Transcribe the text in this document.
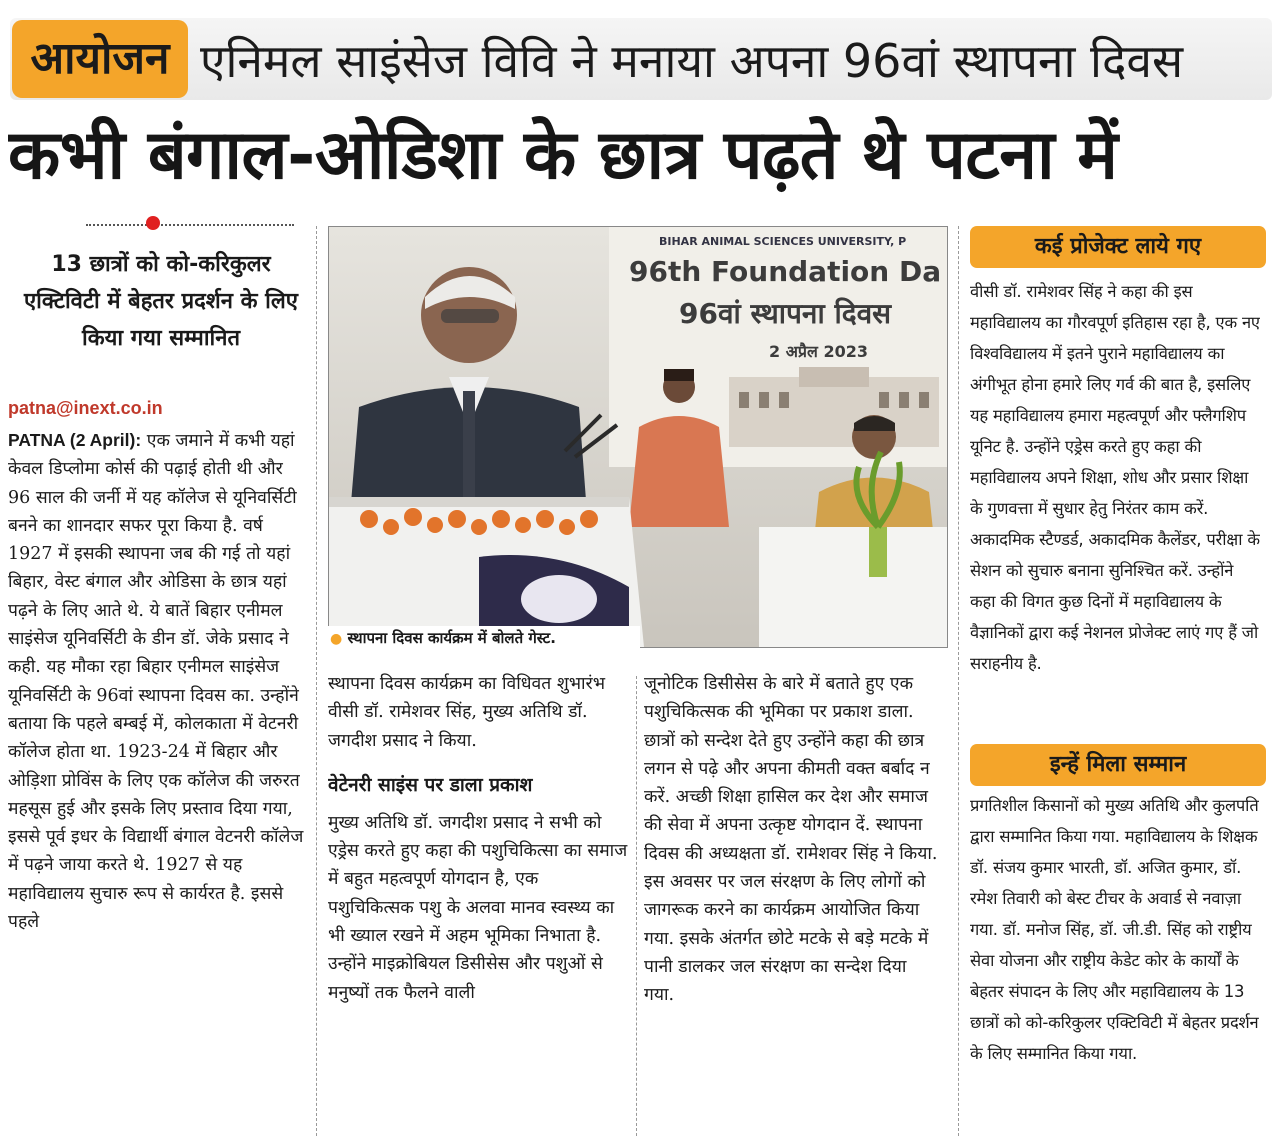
आयोजन एनिमल साइंसेज विवि ने मनाया अपना 96वां स्थापना दिवस
कभी बंगाल-ओडिशा के छात्र पढ़ते थे पटना में
13 छात्रों को को-करिकुलर एक्टिविटी में बेहतर प्रदर्शन के लिए किया गया सम्मानित
patna@inext.co.in

PATNA (2 April): एक जमाने में कभी यहां केवल डिप्लोमा कोर्स की पढ़ाई होती थी और 96 साल की जर्नी में यह कॉलेज से यूनिवर्सिटी बनने का शानदार सफर पूरा किया है. वर्ष 1927 में इसकी स्थापना जब की गई तो यहां बिहार, वेस्ट बंगाल और ओडिसा के छात्र यहां पढ़ने के लिए आते थे. ये बातें बिहार एनीमल साइंसेज यूनिवर्सिटी के डीन डॉ. जेके प्रसाद ने कही. यह मौका रहा बिहार एनीमल साइंसेज यूनिवर्सिटी के 96वां स्थापना दिवस का. उन्होंने बताया कि पहले बम्बई में, कोलकाता में वेटनरी कॉलेज होता था. 1923-24 में बिहार और ओड़िशा प्रोविंस के लिए एक कॉलेज की जरुरत महसूस हुई और इसके लिए प्रस्ताव दिया गया, इससे पूर्व इधर के विद्यार्थी बंगाल वेटनरी कॉलेज में पढ़ने जाया करते थे. 1927 से यह महाविद्यालय सुचारु रूप से कार्यरत है. इससे पहले

BIHAR ANIMAL SCIENCES UNIVERSITY, P
96th Foundation Da
96वां स्थापना दिवस
2 अप्रैल 2023
● स्थापना दिवस कार्यक्रम में बोलते गेस्ट.

स्थापना दिवस कार्यक्रम का विधिवत शुभारंभ वीसी डॉ. रामेशवर सिंह, मुख्य अतिथि डॉ. जगदीश प्रसाद ने किया.

वेटेनरी साइंस पर डाला प्रकाश

मुख्य अतिथि डॉ. जगदीश प्रसाद ने सभी को एड्रेस करते हुए कहा की पशुचिकित्सा का समाज में बहुत महत्वपूर्ण योगदान है, एक पशुचिकित्सक पशु के अलवा मानव स्वस्थ्य का भी ख्याल रखने में अहम भूमिका निभाता है.

उन्होंने माइक्रोबियल डिसीसेस और पशुओं से मनुष्यों तक फैलने वाली

जूनोटिक डिसीसेस के बारे में बताते हुए एक पशुचिकित्सक की भूमिका पर प्रकाश डाला. छात्रों को सन्देश देते हुए उन्होंने कहा की छात्र लगन से पढ़े और अपना कीमती वक्त बर्बाद न करें. अच्छी शिक्षा हासिल कर देश और समाज की सेवा में अपना उत्कृष्ट योगदान दें. स्थापना दिवस की अध्यक्षता डॉ. रामेशवर सिंह ने किया. इस अवसर पर जल संरक्षण के लिए लोगों को जागरूक करने का कार्यक्रम आयोजित किया गया. इसके अंतर्गत छोटे मटके से बड़े मटके में पानी डालकर जल संरक्षण का सन्देश दिया गया.

कई प्रोजेक्ट लाये गए

वीसी डॉ. रामेशवर सिंह ने कहा की इस महाविद्यालय का गौरवपूर्ण इतिहास रहा है, एक नए विश्वविद्यालय में इतने पुराने महाविद्यालय का अंगीभूत होना हमारे लिए गर्व की बात है, इसलिए यह महाविद्यालय हमारा महत्वपूर्ण और फ्लैगशिप यूनिट है. उन्होंने एड्रेस करते हुए कहा की महाविद्यालय अपने शिक्षा, शोध और प्रसार शिक्षा के गुणवत्ता में सुधार हेतु निरंतर काम करें. अकादमिक स्टैण्डर्ड, अकादमिक कैलेंडर, परीक्षा के सेशन को सुचारु बनाना सुनिश्चित करें. उन्होंने कहा की विगत कुछ दिनों में महाविद्यालय के वैज्ञानिकों द्वारा कई नेशनल प्रोजेक्ट लाएं गए हैं जो सराहनीय है.

इन्हें मिला सम्मान

प्रगतिशील किसानों को मुख्य अतिथि और कुलपति द्वारा सम्मानित किया गया. महाविद्यालय के शिक्षक डॉ. संजय कुमार भारती, डॉ. अजित कुमार, डॉ. रमेश तिवारी को बेस्ट टीचर के अवार्ड से नवाज़ा गया. डॉ. मनोज सिंह, डॉ. जी.डी. सिंह को राष्ट्रीय सेवा योजना और राष्ट्रीय केडेट कोर के कार्यों के बेहतर संपादन के लिए और महाविद्यालय के 13 छात्रों को को-करिकुलर एक्टिविटी में बेहतर प्रदर्शन के लिए सम्मानित किया गया.
